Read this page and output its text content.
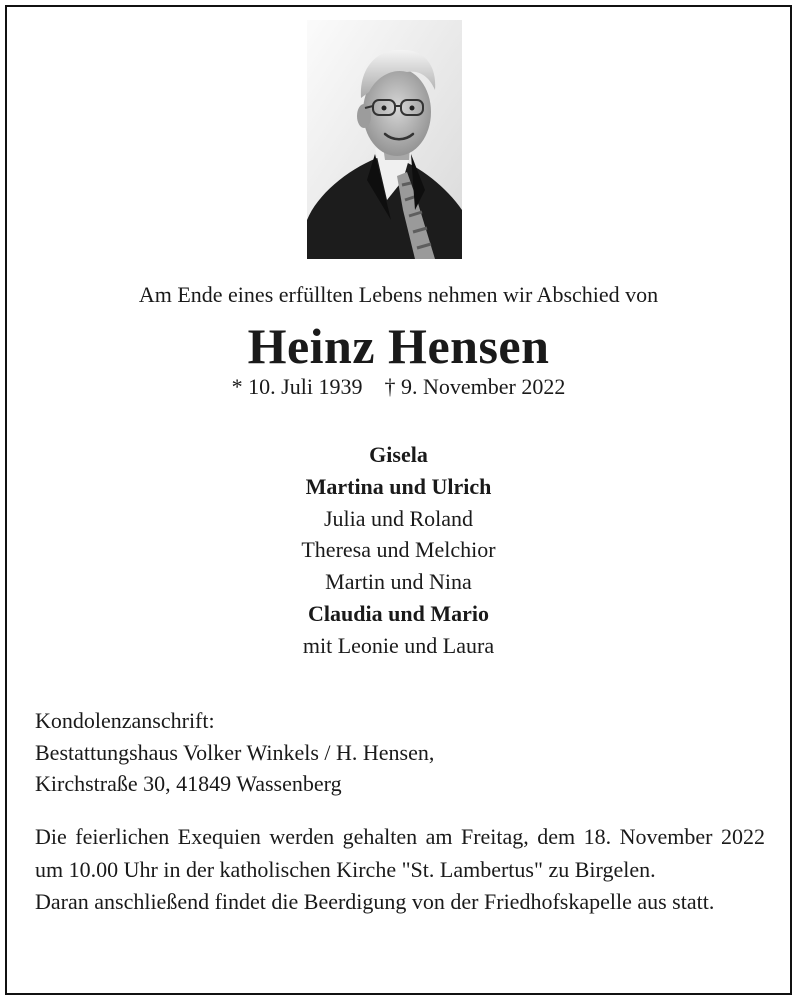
Am Ende eines erfüllten Lebens nehmen wir Abschied von
Heinz Hensen
* 10. Juli 1939 † 9. November 2022
Gisela
Martina und Ulrich
Julia und Roland
Theresa und Melchior
Martin und Nina
Claudia und Mario
mit Leonie und Laura
Kondolenzanschrift:
Bestattungshaus Volker Winkels / H. Hensen,
Kirchstraße 30, 41849 Wassenberg
Die feierlichen Exequien werden gehalten am Freitag, dem 18. November 2022 um 10.00 Uhr in der katholischen Kirche "St. Lambertus" zu Birgelen.
Daran anschließend findet die Beerdigung von der Friedhofskapelle aus statt.
